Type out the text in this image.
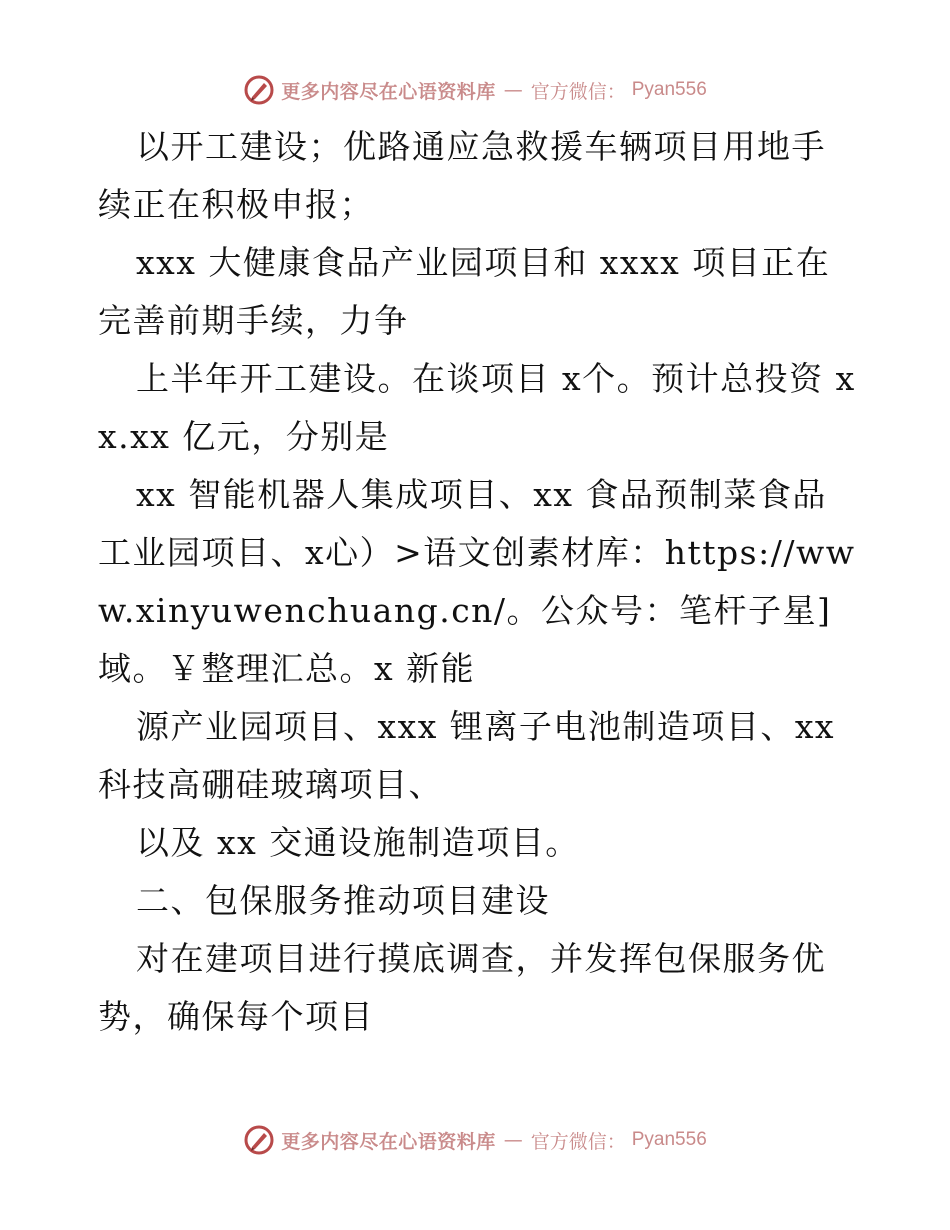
更多内容尽在心语资料库 — 官方微信： Pyan556

以开工建设；优路通应急救援车辆项目用地手续正在积极申报；

xxx 大健康食品产业园项目和 xxxx 项目正在完善前期手续，力争

上半年开工建设。在谈项目 x个。预计总投资 xx.xx 亿元，分别是

xx 智能机器人集成项目、xx 食品预制菜食品工业园项目、x心）>语文创素材库：https://www.xinyuwenchuang.cn/。公众号：笔杆子星]域。￥整理汇总。x 新能

源产业园项目、xxx 锂离子电池制造项目、xx 科技高硼硅玻璃项目、

以及 xx 交通设施制造项目。

二、包保服务推动项目建设

对在建项目进行摸底调查，并发挥包保服务优势，确保每个项目

更多内容尽在心语资料库 — 官方微信： Pyan556
